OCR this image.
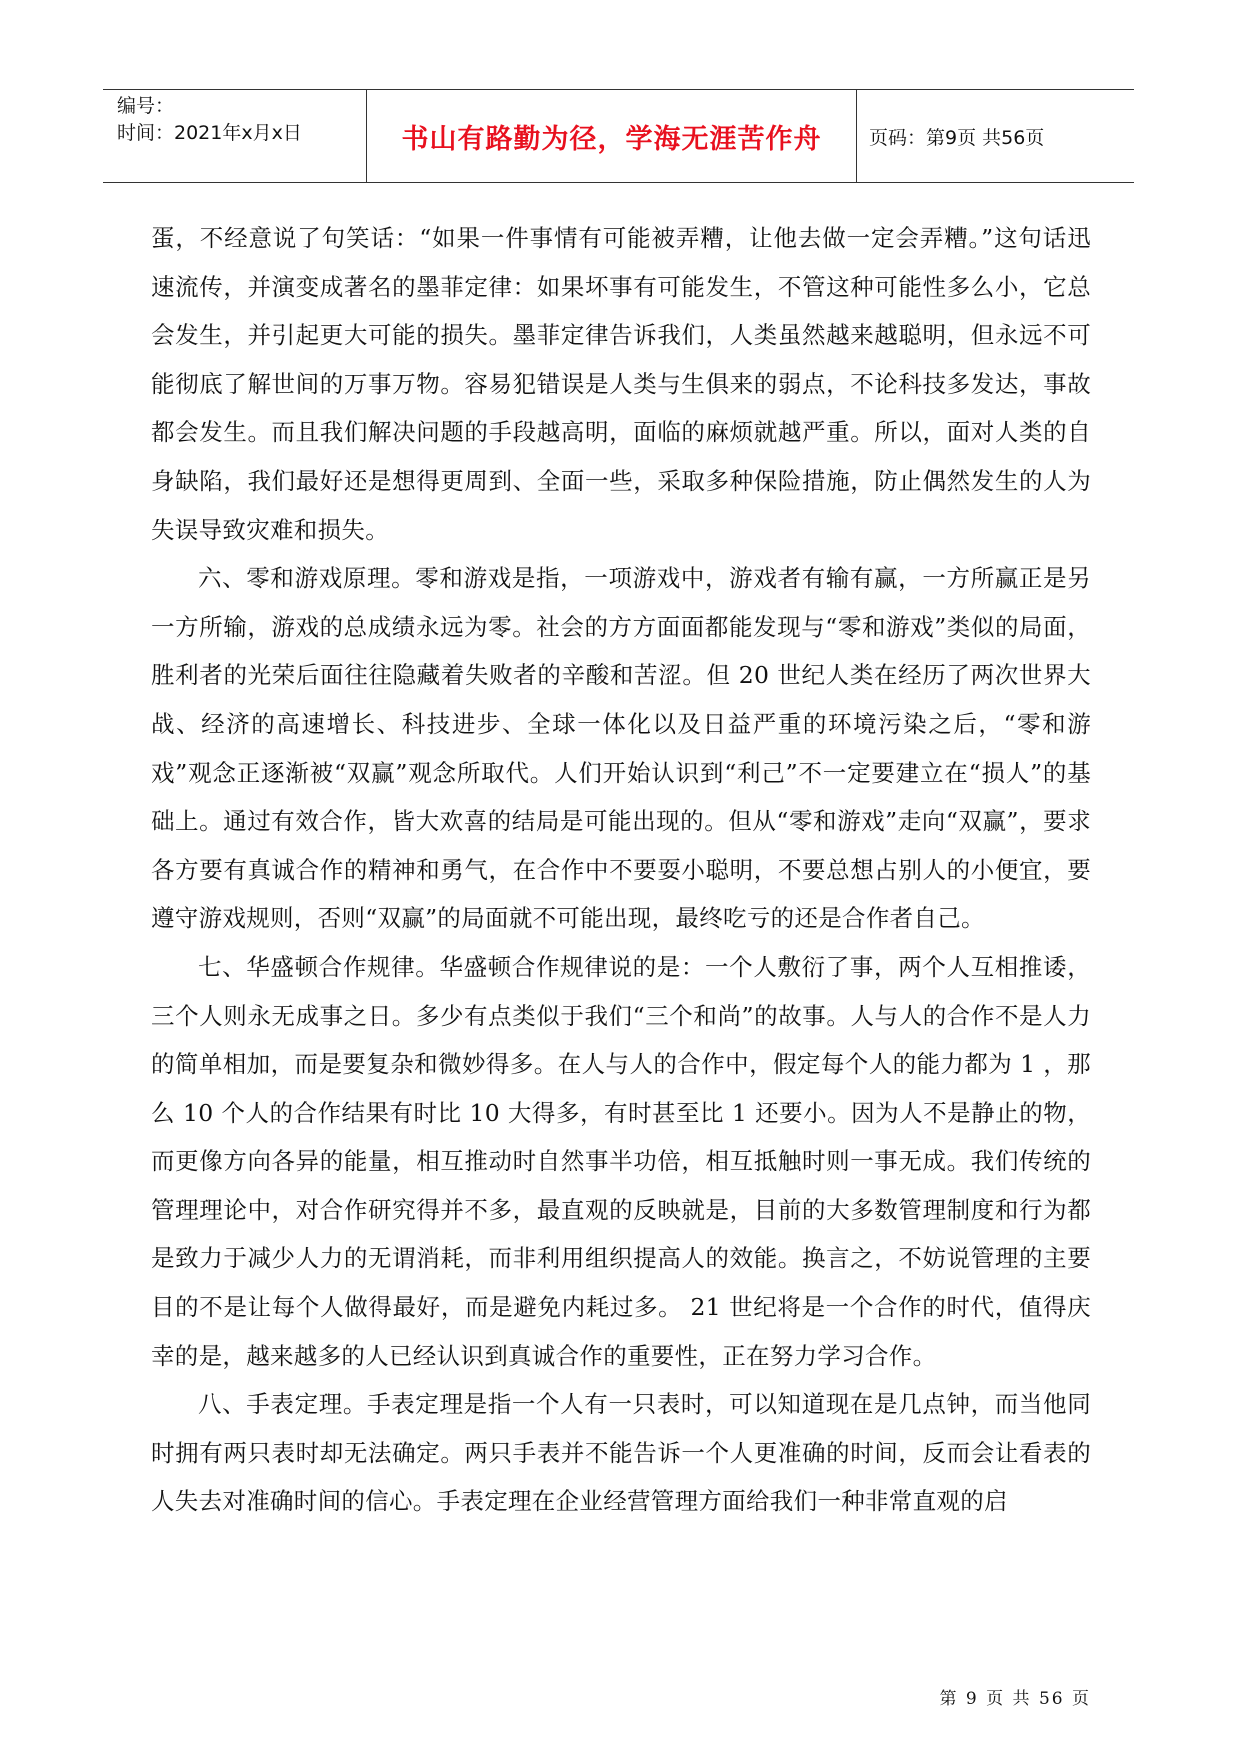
编号：
时间：2021年x月x日	书山有路勤为径，学海无涯苦作舟	页码：第9页 共56页

蛋，不经意说了句笑话：“如果一件事情有可能被弄糟，让他去做一定会弄糟。”这句话迅速流传，并演变成著名的墨菲定律：如果坏事有可能发生，不管这种可能性多么小，它总会发生，并引起更大可能的损失。墨菲定律告诉我们，人类虽然越来越聪明，但永远不可能彻底了解世间的万事万物。容易犯错误是人类与生俱来的弱点，不论科技多发达，事故都会发生。而且我们解决问题的手段越高明，面临的麻烦就越严重。所以，面对人类的自身缺陷，我们最好还是想得更周到、全面一些，采取多种保险措施，防止偶然发生的人为失误导致灾难和损失。

六、零和游戏原理。零和游戏是指，一项游戏中，游戏者有输有赢，一方所赢正是另一方所输，游戏的总成绩永远为零。社会的方方面面都能发现与“零和游戏”类似的局面，胜利者的光荣后面往往隐藏着失败者的辛酸和苦涩。但 20 世纪人类在经历了两次世界大战、经济的高速增长、科技进步、全球一体化以及日益严重的环境污染之后，“零和游戏”观念正逐渐被“双赢”观念所取代。人们开始认识到“利己”不一定要建立在“损人”的基础上。通过有效合作，皆大欢喜的结局是可能出现的。但从“零和游戏”走向“双赢”，要求各方要有真诚合作的精神和勇气，在合作中不要耍小聪明，不要总想占别人的小便宜，要遵守游戏规则，否则“双赢”的局面就不可能出现，最终吃亏的还是合作者自己。

七、华盛顿合作规律。华盛顿合作规律说的是：一个人敷衍了事，两个人互相推诿，三个人则永无成事之日。多少有点类似于我们“三个和尚”的故事。人与人的合作不是人力的简单相加，而是要复杂和微妙得多。在人与人的合作中，假定每个人的能力都为 1 ，那么 10 个人的合作结果有时比 10 大得多，有时甚至比 1 还要小。因为人不是静止的物，而更像方向各异的能量，相互推动时自然事半功倍，相互抵触时则一事无成。我们传统的管理理论中，对合作研究得并不多，最直观的反映就是，目前的大多数管理制度和行为都是致力于减少人力的无谓消耗，而非利用组织提高人的效能。换言之，不妨说管理的主要目的不是让每个人做得最好，而是避免内耗过多。 21 世纪将是一个合作的时代，值得庆幸的是，越来越多的人已经认识到真诚合作的重要性，正在努力学习合作。

八、手表定理。手表定理是指一个人有一只表时，可以知道现在是几点钟，而当他同时拥有两只表时却无法确定。两只手表并不能告诉一个人更准确的时间，反而会让看表的人失去对准确时间的信心。手表定理在企业经营管理方面给我们一种非常直观的启

第 9 页 共 56 页
